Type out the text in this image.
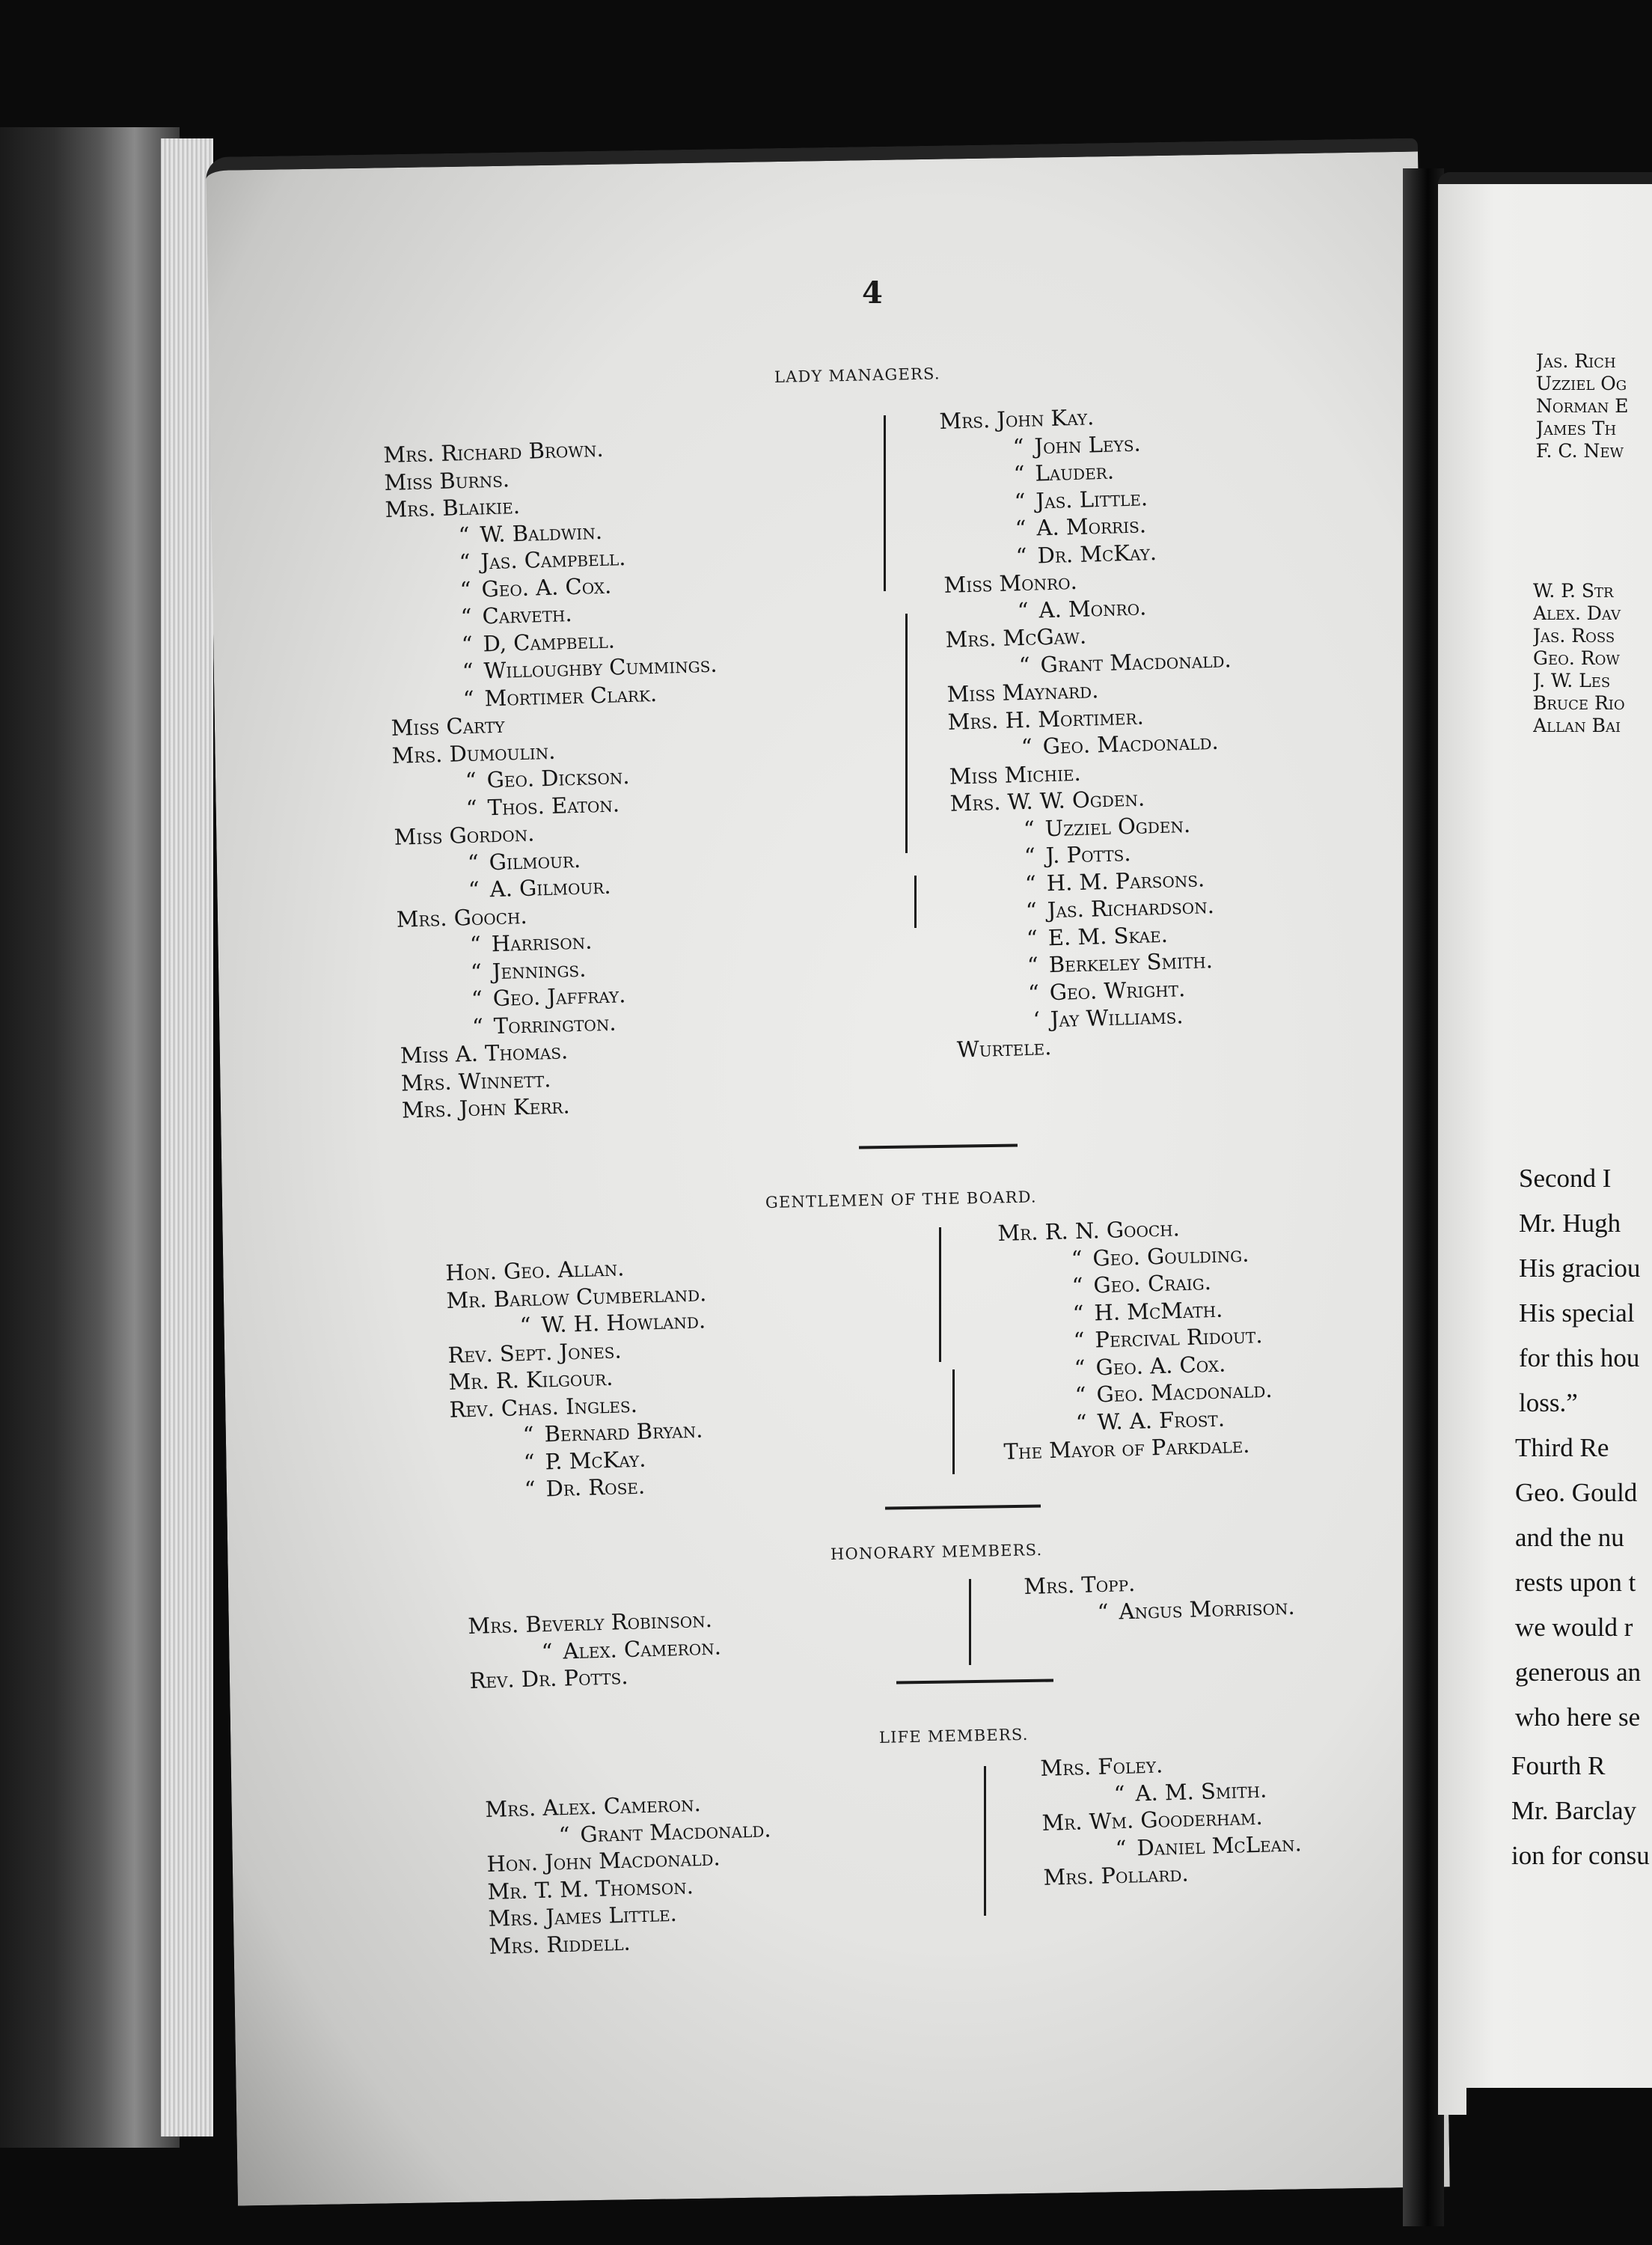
4
LADY MANAGERS.
Mrs. Richard Brown.
Miss Burns.
Mrs. Blaikie.
“ W. Baldwin.
“ Jas. Campbell.
“ Geo. A. Cox.
“ Carveth.
“ D, Campbell.
“ Willoughby Cummings.
“ Mortimer Clark.
Miss Carty
Mrs. Dumoulin.
“ Geo. Dickson.
“ Thos. Eaton.
Miss Gordon.
“ Gilmour.
“ A. Gilmour.
Mrs. Gooch.
“ Harrison.
“ Jennings.
“ Geo. Jaffray.
“ Torrington.
Miss A. Thomas.
Mrs. Winnett.
Mrs. John Kerr.
Mrs. John Kay.
“ John Leys.
“ Lauder.
“ Jas. Little.
“ A. Morris.
“ Dr. McKay.
Miss Monro.
“ A. Monro.
Mrs. McGaw.
“ Grant Macdonald.
Miss Maynard.
Mrs. H. Mortimer.
“ Geo. Macdonald.
Miss Michie.
Mrs. W. W. Ogden.
“ Uzziel Ogden.
“ J. Potts.
“ H. M. Parsons.
“ Jas. Richardson.
“ E. M. Skae.
“ Berkeley Smith.
“ Geo. Wright.
‘ Jay Williams.
Wurtele.
GENTLEMEN OF THE BOARD.
Hon. Geo. Allan.
Mr. Barlow Cumberland.
“ W. H. Howland.
Rev. Sept. Jones.
Mr. R. Kilgour.
Rev. Chas. Ingles.
“ Bernard Bryan.
“ P. McKay.
“ Dr. Rose.
Mr. R. N. Gooch.
“ Geo. Goulding.
“ Geo. Craig.
“ H. McMath.
“ Percival Ridout.
“ Geo. A. Cox.
“ Geo. Macdonald.
“ W. A. Frost.
The Mayor of Parkdale.
HONORARY MEMBERS.
Mrs. Beverly Robinson.
“ Alex. Cameron.
Rev. Dr. Potts.
Mrs. Topp.
“ Angus Morrison.
LIFE MEMBERS.
Mrs. Alex. Cameron.
“ Grant Macdonald.
Hon. John Macdonald.
Mr. T. M. Thomson.
Mrs. James Little.
Mrs. Riddell.
Mrs. Foley.
“ A. M. Smith.
Mr. Wm. Gooderham.
“ Daniel McLean.
Mrs. Pollard.
Jas. Rich
Uzziel Og
Norman E
James Th
F. C. New
W. P. Str
Alex. Dav
Jas. Ross
Geo. Row
J. W. Les
Bruce Rio
Allan Bai
Second I
Mr. Hugh
His graciou
His special
for this hou
loss.”
Third Re
Geo. Gould
and the nu
rests upon t
we would r
generous an
who here se
Fourth R
Mr. Barclay
ion for consu
